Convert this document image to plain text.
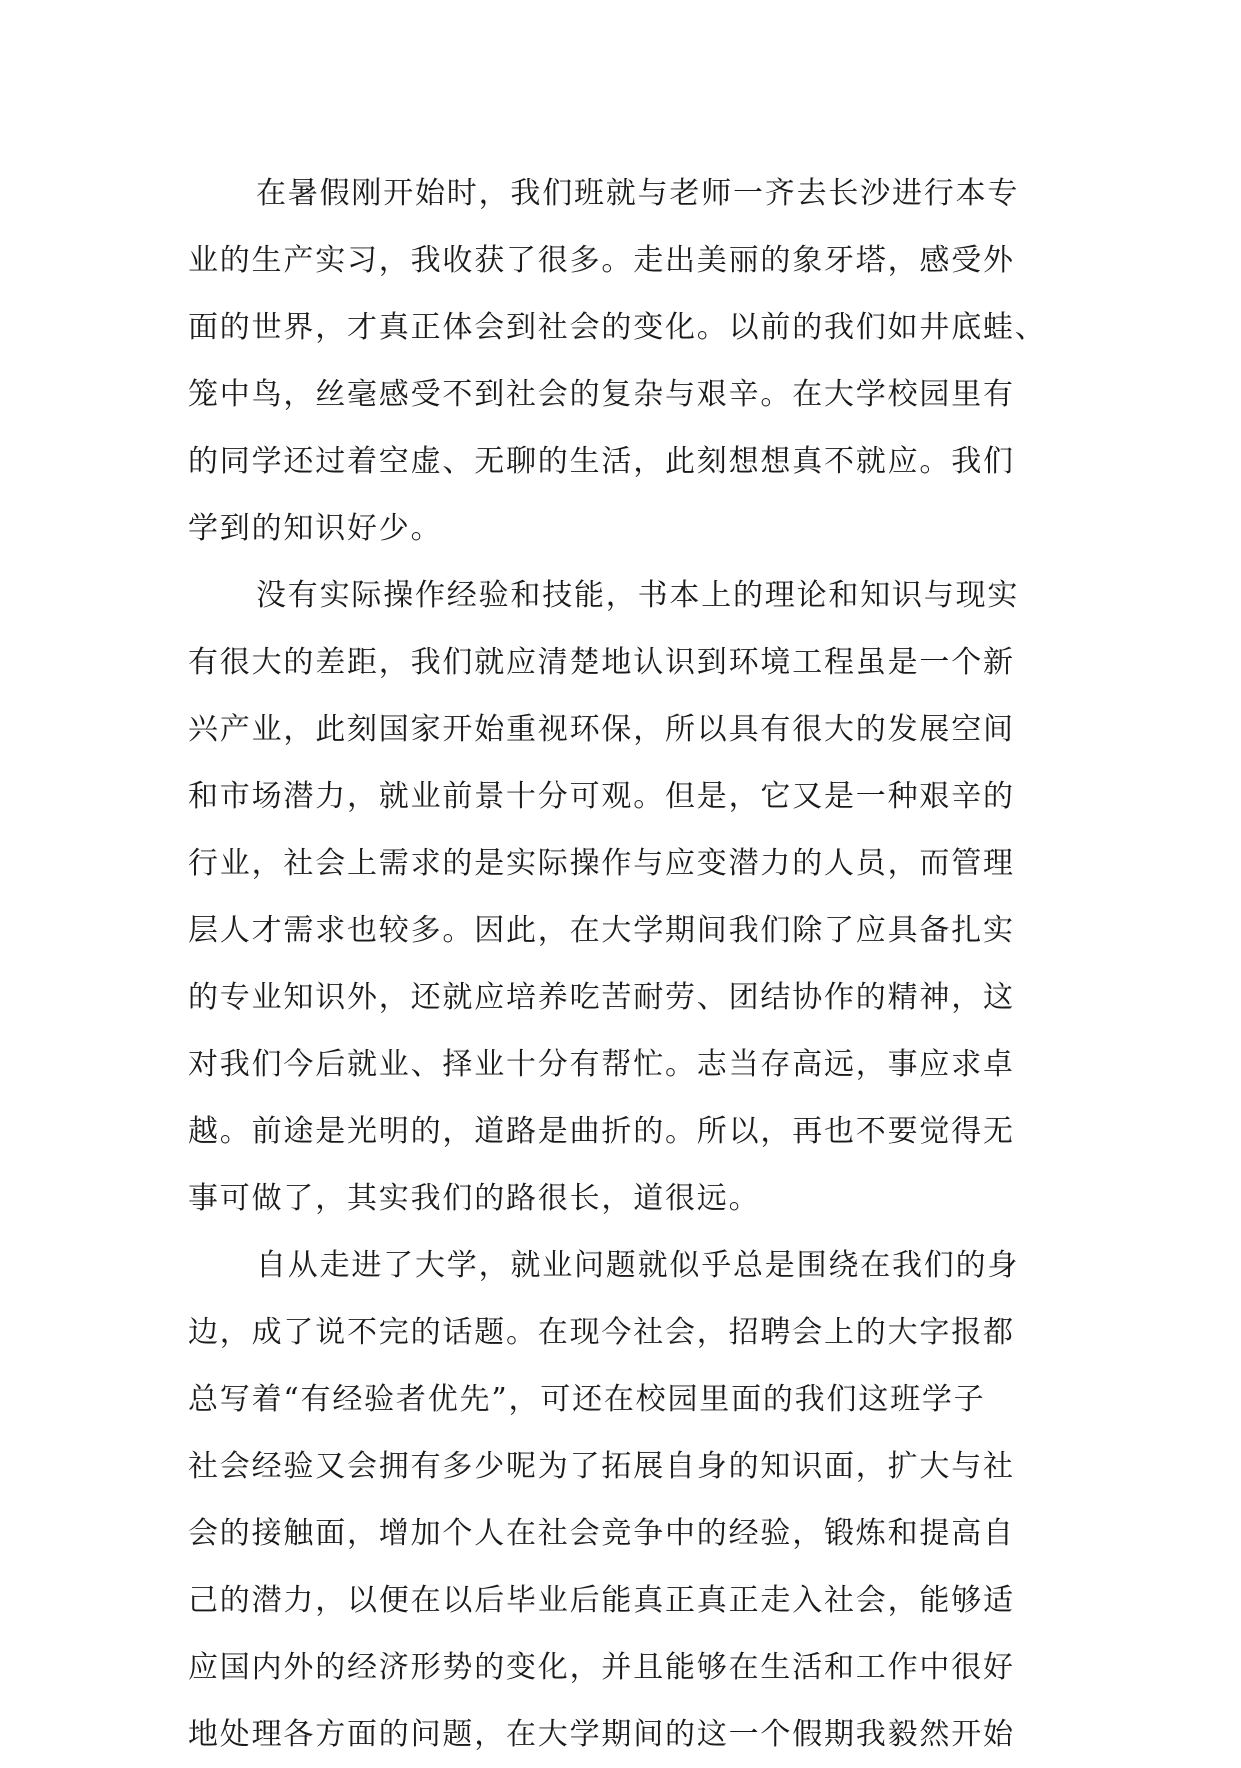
在暑假刚开始时，我们班就与老师一齐去长沙进行本专
业的生产实习，我收获了很多。走出美丽的象牙塔，感受外
面的世界，才真正体会到社会的变化。以前的我们如井底蛙、
笼中鸟，丝毫感受不到社会的复杂与艰辛。在大学校园里有
的同学还过着空虚、无聊的生活，此刻想想真不就应。我们
学到的知识好少。
没有实际操作经验和技能，书本上的理论和知识与现实
有很大的差距，我们就应清楚地认识到环境工程虽是一个新
兴产业，此刻国家开始重视环保，所以具有很大的发展空间
和市场潜力，就业前景十分可观。但是，它又是一种艰辛的
行业，社会上需求的是实际操作与应变潜力的人员，而管理
层人才需求也较多。因此，在大学期间我们除了应具备扎实
的专业知识外，还就应培养吃苦耐劳、团结协作的精神，这
对我们今后就业、择业十分有帮忙。志当存高远，事应求卓
越。前途是光明的，道路是曲折的。所以，再也不要觉得无
事可做了，其实我们的路很长，道很远。
自从走进了大学，就业问题就似乎总是围绕在我们的身
边，成了说不完的话题。在现今社会，招聘会上的大字报都
总写着“有经验者优先”，可还在校园里面的我们这班学子
社会经验又会拥有多少呢为了拓展自身的知识面，扩大与社
会的接触面，增加个人在社会竞争中的经验，锻炼和提高自
己的潜力，以便在以后毕业后能真正真正走入社会，能够适
应国内外的经济形势的变化，并且能够在生活和工作中很好
地处理各方面的问题，在大学期间的这一个假期我毅然开始
